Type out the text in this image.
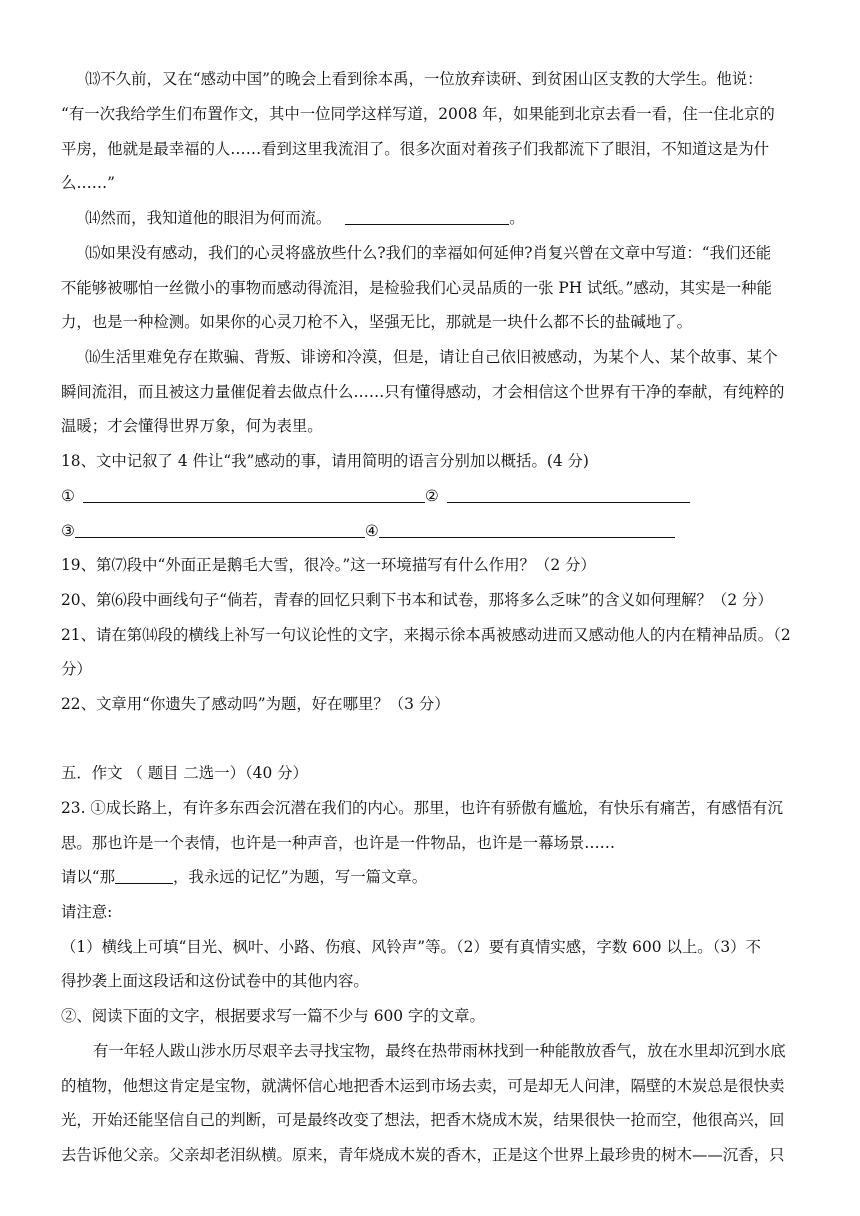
⒀不久前，又在“感动中国”的晚会上看到徐本禹，一位放弃读研、到贫困山区支教的大学生。他说：
“有一次我给学生们布置作文，其中一位同学这样写道，2008 年，如果能到北京去看一看，住一住北京的
平房，他就是最幸福的人……看到这里我流泪了。很多次面对着孩子们我都流下了眼泪，不知道这是为什
么……”
⒁然而，我知道他的眼泪为何而流。	。
⒂如果没有感动，我们的心灵将盛放些什么?我们的幸福如何延伸?肖复兴曾在文章中写道：“我们还能
不能够被哪怕一丝微小的事物而感动得流泪，是检验我们心灵品质的一张 PH 试纸。”感动，其实是一种能
力，也是一种检测。如果你的心灵刀枪不入，坚强无比，那就是一块什么都不长的盐碱地了。
⒃生活里难免存在欺骗、背叛、诽谤和冷漠，但是，请让自己依旧被感动，为某个人、某个故事、某个
瞬间流泪，而且被这力量催促着去做点什么……只有懂得感动，才会相信这个世界有干净的奉献，有纯粹的
温暖；才会懂得世界万象，何为表里。
18、文中记叙了 4 件让“我”感动的事，请用简明的语言分别加以概括。(4 分)
①	②
③	④
19、第⑺段中“外面正是鹅毛大雪，很冷。”这一环境描写有什么作用？（2 分）
20、第⑹段中画线句子“倘若，青春的回忆只剩下书本和试卷，那将多么乏味”的含义如何理解？（2 分）
21、请在第⒁段的横线上补写一句议论性的文字，来揭示徐本禹被感动进而又感动他人的内在精神品质。（2
分）
22、文章用“你遗失了感动吗”为题，好在哪里？（3 分）
五．作文 （ 题目 二选一）（40 分）
23. ①成长路上，有许多东西会沉潜在我们的内心。那里，也许有骄傲有尴尬，有快乐有痛苦，有感悟有沉
思。那也许是一个表情，也许是一种声音，也许是一件物品，也许是一幕场景……
请以“那	，我永远的记忆”为题，写一篇文章。
请注意:
（1）横线上可填“目光、枫叶、小路、伤痕、风铃声”等。（2）要有真情实感，字数 600 以上。（3）不
得抄袭上面这段话和这份试卷中的其他内容。
②、阅读下面的文字，根据要求写一篇不少与 600 字的文章。
有一年轻人跋山涉水历尽艰辛去寻找宝物，最终在热带雨林找到一种能散放香气，放在水里却沉到水底
的植物，他想这肯定是宝物，就满怀信心地把香木运到市场去卖，可是却无人问津，隔壁的木炭总是很快卖
光，开始还能坚信自己的判断，可是最终改变了想法，把香木烧成木炭，结果很快一抢而空，他很高兴，回
去告诉他父亲。父亲却老泪纵横。原来，青年烧成木炭的香木，正是这个世界上最珍贵的树木——沉香，只
